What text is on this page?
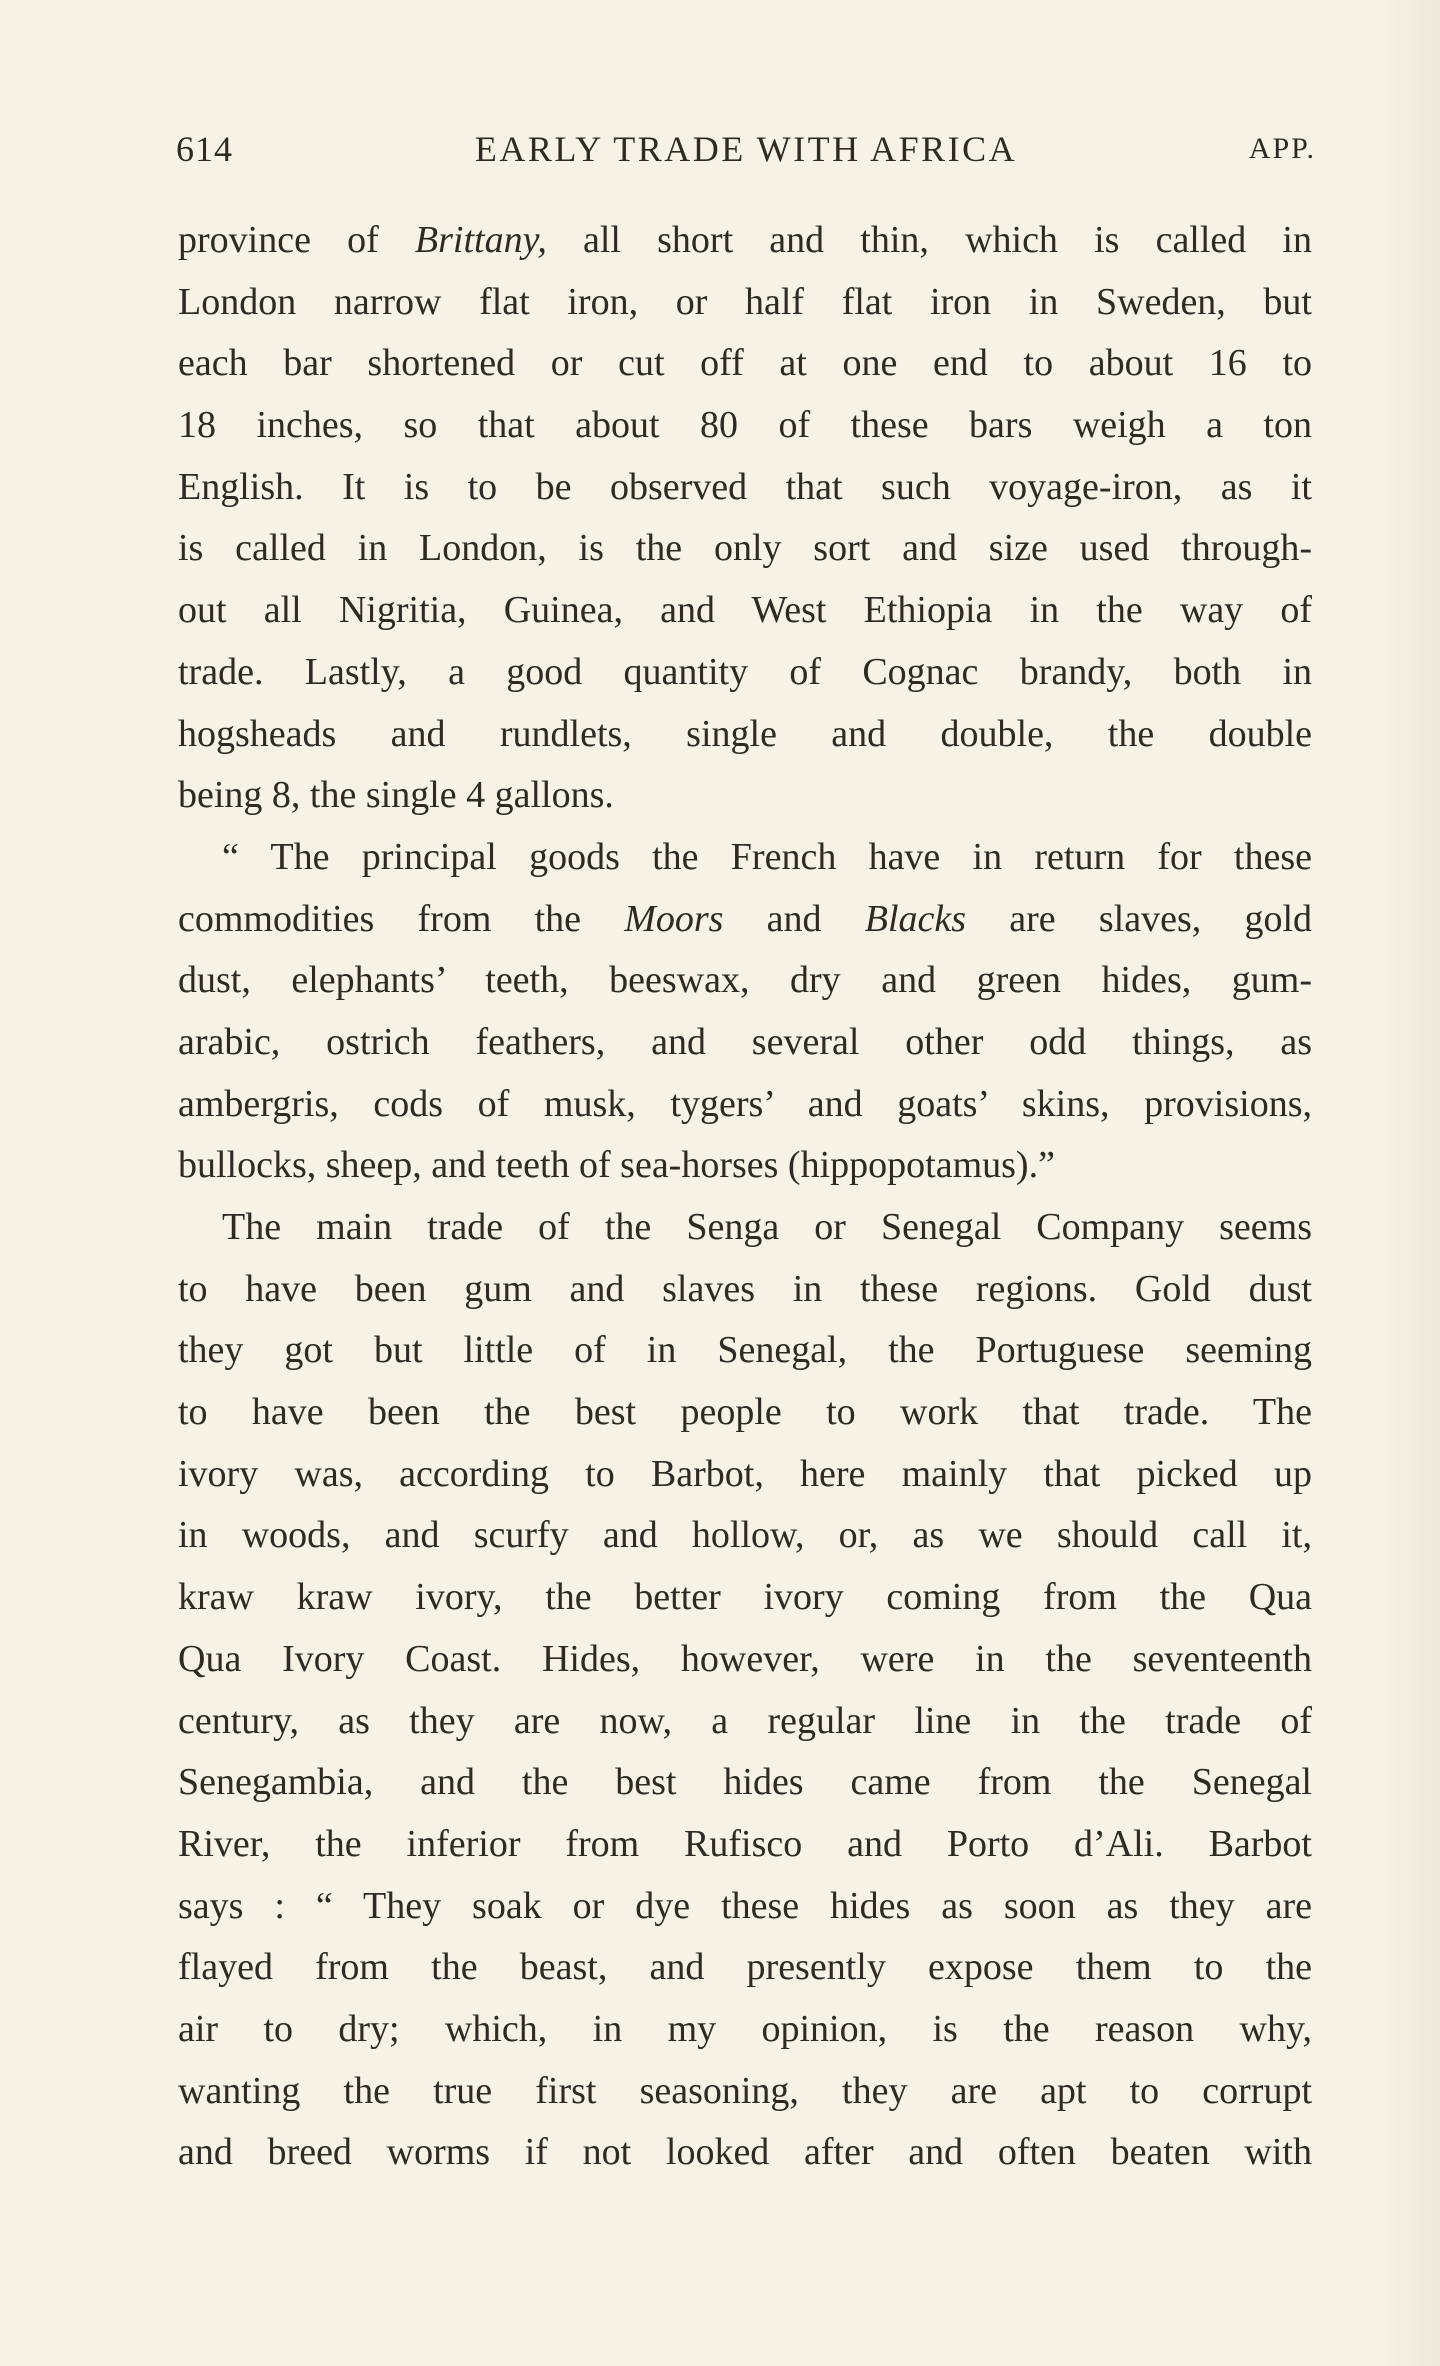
614	EARLY TRADE WITH AFRICA	APP.
province of Brittany, all short and thin, which is called in
London narrow flat iron, or half flat iron in Sweden, but
each bar shortened or cut off at one end to about 16 to
18 inches, so that about 80 of these bars weigh a ton
English. It is to be observed that such voyage-iron, as it
is called in London, is the only sort and size used through-
out all Nigritia, Guinea, and West Ethiopia in the way of
trade. Lastly, a good quantity of Cognac brandy, both in
hogsheads and rundlets, single and double, the double
being 8, the single 4 gallons.
“ The principal goods the French have in return for these
commodities from the Moors and Blacks are slaves, gold
dust, elephants’ teeth, beeswax, dry and green hides, gum-
arabic, ostrich feathers, and several other odd things, as
ambergris, cods of musk, tygers’ and goats’ skins, provisions,
bullocks, sheep, and teeth of sea-horses (hippopotamus).”
The main trade of the Senga or Senegal Company seems
to have been gum and slaves in these regions. Gold dust
they got but little of in Senegal, the Portuguese seeming
to have been the best people to work that trade. The
ivory was, according to Barbot, here mainly that picked up
in woods, and scurfy and hollow, or, as we should call it,
kraw kraw ivory, the better ivory coming from the Qua
Qua Ivory Coast. Hides, however, were in the seventeenth
century, as they are now, a regular line in the trade of
Senegambia, and the best hides came from the Senegal
River, the inferior from Rufisco and Porto d’Ali. Barbot
says : “ They soak or dye these hides as soon as they are
flayed from the beast, and presently expose them to the
air to dry; which, in my opinion, is the reason why,
wanting the true first seasoning, they are apt to corrupt
and breed worms if not looked after and often beaten with
